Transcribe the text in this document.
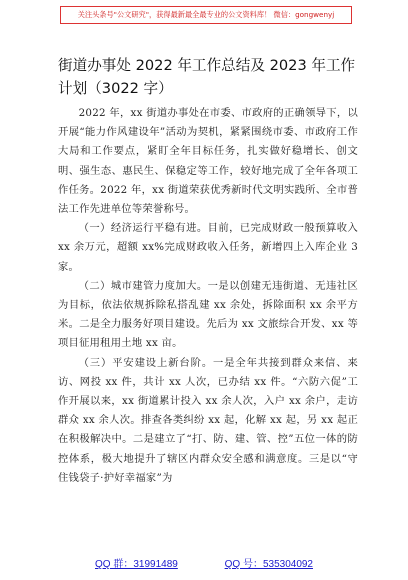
关注头条号"公文研究"，获得最新最全最专业的公文资料库！ 微信：gongwenyj
街道办事处 2022 年工作总结及 2023 年工作计划（3022 字）

2022 年，xx 街道办事处在市委、市政府的正确领导下，以开展“能力作风建设年”活动为契机，紧紧围绕市委、市政府工作大局和工作要点，紧盯全年目标任务，扎实做好稳增长、创文明、强生态、惠民生、保稳定等工作，较好地完成了全年各项工作任务。2022 年，xx 街道荣获优秀新时代文明实践所、全市普法工作先进单位等荣誉称号。

（一）经济运行平稳有进。目前，已完成财政一般预算收入 xx 余万元，超额 xx%完成财政收入任务，新增四上入库企业 3 家。

（二）城市建管力度加大。一是以创建无违街道、无违社区为目标，依法依规拆除私搭乱建 xx 余处，拆除面积 xx 余平方米。二是全力服务好项目建设。先后为 xx 文旅综合开发、xx 等项目征用租用土地 xx 亩。

（三）平安建设上新台阶。一是全年共接到群众来信、来访、网投 xx 件，共计 xx 人次，已办结 xx 件。“六防六促”工作开展以来，xx 街道累计投入 xx 余人次，入户 xx 余户，走访群众 xx 余人次。排查各类纠纷 xx 起，化解 xx 起，另 xx 起正在积极解决中。二是建立了“打、防、建、管、控”五位一体的防控体系，极大地提升了辖区内群众安全感和满意度。三是以“守住钱袋子·护好幸福家”为

QQ 群：31991489	QQ 号：535304092
